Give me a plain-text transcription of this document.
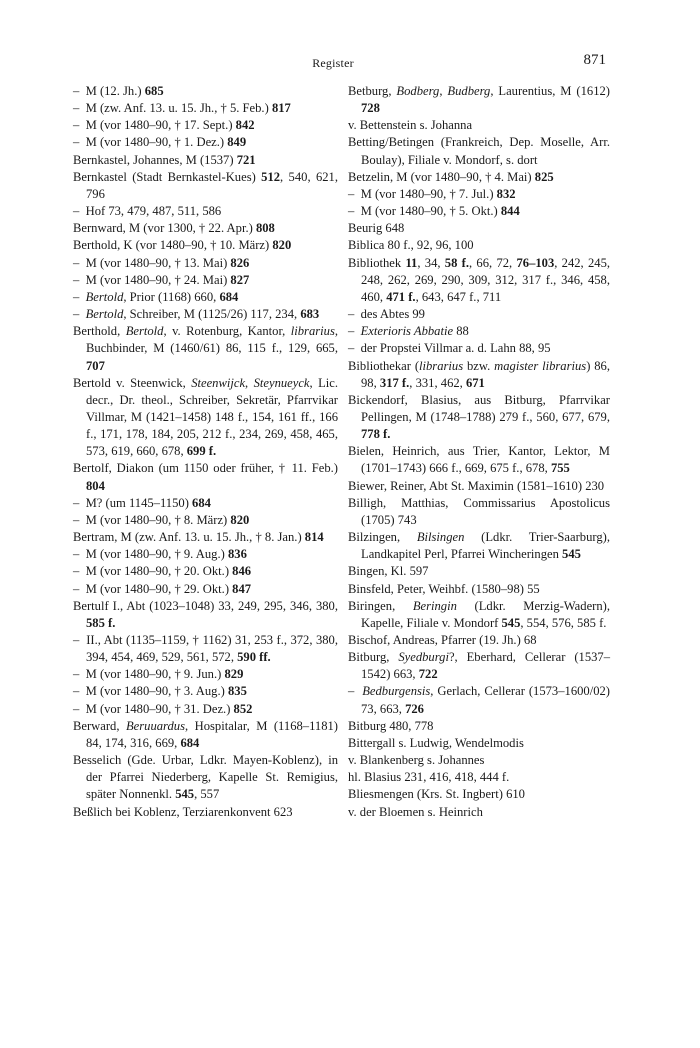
Register	871
–  M (12. Jh.) 685
–  M (zw. Anf. 13. u. 15. Jh., † 5. Feb.) 817
–  M (vor 1480–90, † 17. Sept.) 842
–  M (vor 1480–90, † 1. Dez.) 849
Bernkastel, Johannes, M (1537) 721
Bernkastel (Stadt Bernkastel-Kues) 512, 540, 621, 796
–  Hof 73, 479, 487, 511, 586
Bernward, M (vor 1300, † 22. Apr.) 808
Berthold, K (vor 1480–90, † 10. März) 820
–  M (vor 1480–90, † 13. Mai) 826
–  M (vor 1480–90, † 24. Mai) 827
–  Bertold, Prior (1168) 660, 684
–  Bertold, Schreiber, M (1125/26) 117, 234, 683
Berthold, Bertold, v. Rotenburg, Kantor, librarius, Buchbinder, M (1460/61) 86, 115 f., 129, 665, 707
Bertold v. Steenwick, Steenwijck, Steynueyck, Lic. decr., Dr. theol., Schreiber, Sekretär, Pfarrvikar Villmar, M (1421–1458) 148 f., 154, 161 ff., 166 f., 171, 178, 184, 205, 212 f., 234, 269, 458, 465, 573, 619, 660, 678, 699 f.
Bertolf, Diakon (um 1150 oder früher, † 11. Feb.) 804
–  M? (um 1145–1150) 684
–  M (vor 1480–90, † 8. März) 820
Bertram, M (zw. Anf. 13. u. 15. Jh., † 8. Jan.) 814
–  M (vor 1480–90, † 9. Aug.) 836
–  M (vor 1480–90, † 20. Okt.) 846
–  M (vor 1480–90, † 29. Okt.) 847
Bertulf I., Abt (1023–1048) 33, 249, 295, 346, 380, 585 f.
–  II., Abt (1135–1159, † 1162) 31, 253 f., 372, 380, 394, 454, 469, 529, 561, 572, 590 ff.
–  M (vor 1480–90, † 9. Jun.) 829
–  M (vor 1480–90, † 3. Aug.) 835
–  M (vor 1480–90, † 31. Dez.) 852
Berward, Beruuardus, Hospitalar, M (1168–1181) 84, 174, 316, 669, 684
Besselich (Gde. Urbar, Ldkr. Mayen-Koblenz), in der Pfarrei Niederberg, Kapelle St. Remigius, später Nonnenkl. 545, 557
Beßlich bei Koblenz, Terziarenkonvent 623
Betburg, Bodberg, Budberg, Laurentius, M (1612) 728
v. Bettenstein s. Johanna
Betting/Betingen (Frankreich, Dep. Moselle, Arr. Boulay), Filiale v. Mondorf, s. dort
Betzelin, M (vor 1480–90, † 4. Mai) 825
–  M (vor 1480–90, † 7. Jul.) 832
–  M (vor 1480–90, † 5. Okt.) 844
Beurig 648
Biblica 80 f., 92, 96, 100
Bibliothek 11, 34, 58 f., 66, 72, 76–103, 242, 245, 248, 262, 269, 290, 309, 312, 317 f., 346, 458, 460, 471 f., 643, 647 f., 711
–  des Abtes 99
–  Exterioris Abbatie 88
–  der Propstei Villmar a. d. Lahn 88, 95
Bibliothekar (librarius bzw. magister librarius) 86, 98, 317 f., 331, 462, 671
Bickendorf, Blasius, aus Bitburg, Pfarrvikar Pellingen, M (1748–1788) 279 f., 560, 677, 679, 778 f.
Bielen, Heinrich, aus Trier, Kantor, Lektor, M (1701–1743) 666 f., 669, 675 f., 678, 755
Biewer, Reiner, Abt St. Maximin (1581–1610) 230
Billigh, Matthias, Commissarius Apostolicus (1705) 743
Bilzingen, Bilsingen (Ldkr. Trier-Saarburg), Landkapitel Perl, Pfarrei Wincheringen 545
Bingen, Kl. 597
Binsfeld, Peter, Weihbf. (1580–98) 55
Biringen, Beringin (Ldkr. Merzig-Wadern), Kapelle, Filiale v. Mondorf 545, 554, 576, 585 f.
Bischof, Andreas, Pfarrer (19. Jh.) 68
Bitburg, Syedburgi?, Eberhard, Cellerar (1537–1542) 663, 722
–  Bedburgensis, Gerlach, Cellerar (1573–1600/02) 73, 663, 726
Bitburg 480, 778
Bittergall s. Ludwig, Wendelmodis
v. Blankenberg s. Johannes
hl. Blasius 231, 416, 418, 444 f.
Bliesmengen (Krs. St. Ingbert) 610
v. der Bloemen s. Heinrich
